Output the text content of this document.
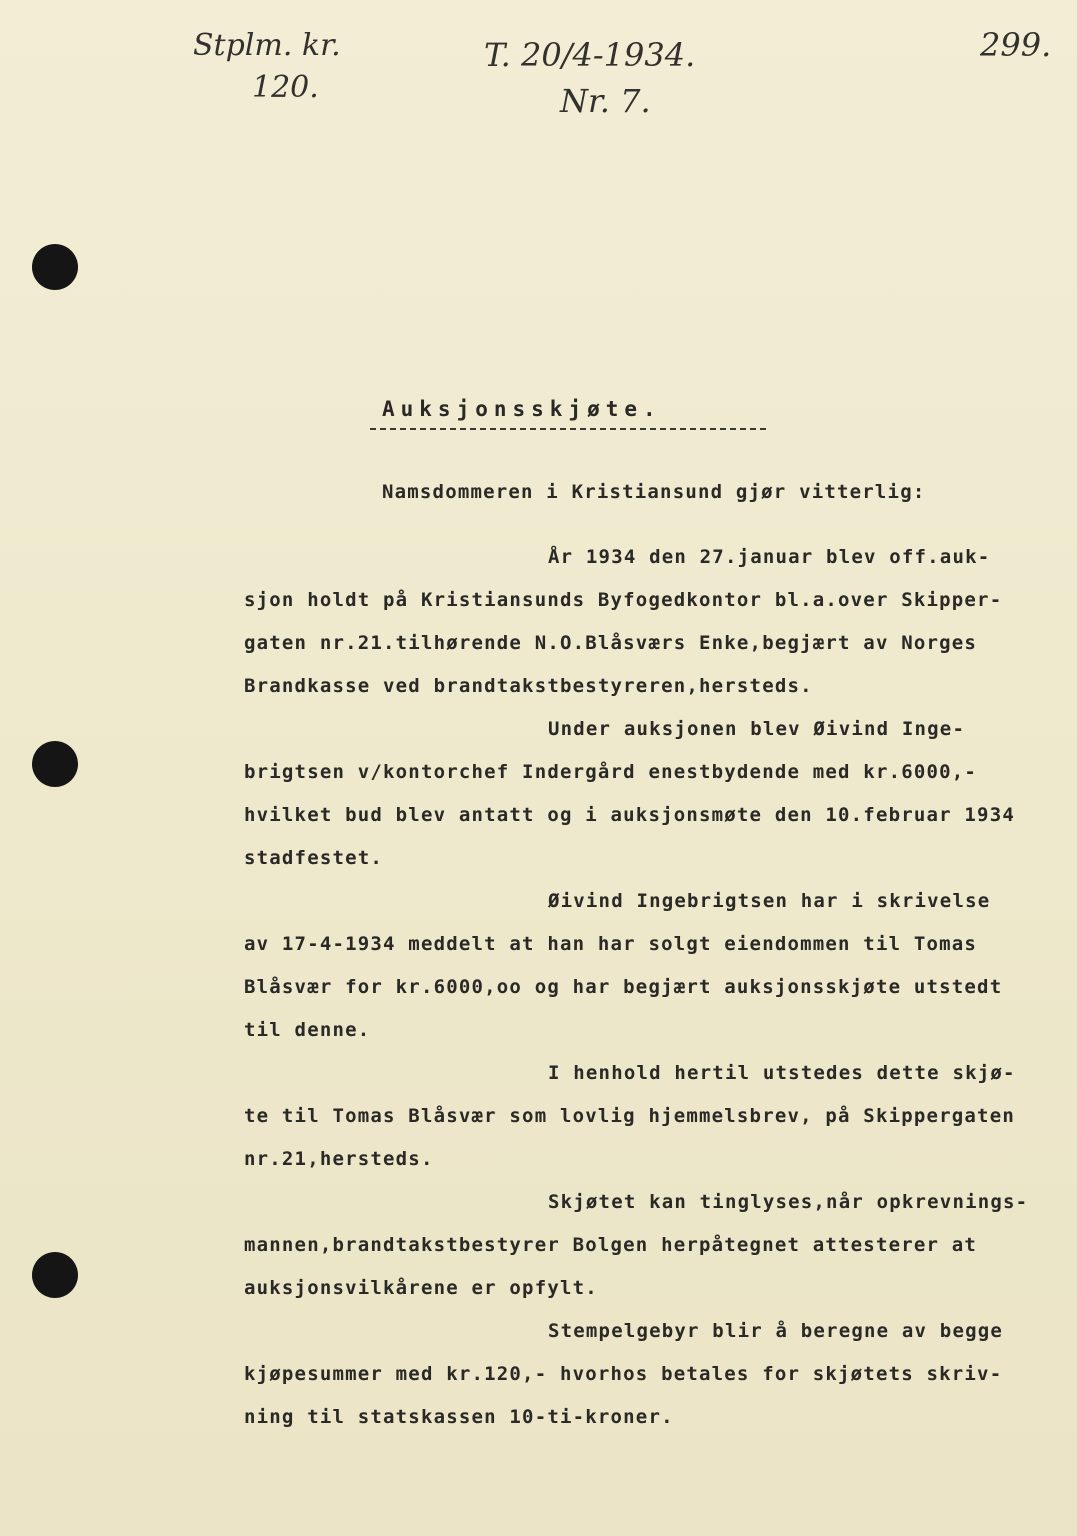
Stplm. kr.
120.
T. 20/4-1934.
Nr. 7.
299.
Auksjonsskjøte.
Namsdommeren i Kristiansund gjør vitterlig:
År 1934 den 27.januar blev off.auk-
sjon holdt på Kristiansunds Byfogedkontor bl.a.over Skipper-
gaten nr.21.tilhørende N.O.Blåsværs Enke,begjært av Norges
Brandkasse ved brandtakstbestyreren,hersteds.
Under auksjonen blev Øivind Inge-
brigtsen v/kontorchef Indergård enestbydende med kr.6000,-
hvilket bud blev antatt og i auksjonsmøte den 10.februar 1934
stadfestet.
Øivind Ingebrigtsen har i skrivelse
av 17-4-1934 meddelt at han har solgt eiendommen til Tomas
Blåsvær for kr.6000,oo og har begjært auksjonsskjøte utstedt
til denne.
I henhold hertil utstedes dette skjø-
te til Tomas Blåsvær som lovlig hjemmelsbrev, på Skippergaten
nr.21,hersteds.
Skjøtet kan tinglyses,når opkrevnings-
mannen,brandtakstbestyrer Bolgen herpåtegnet attesterer at
auksjonsvilkårene er opfylt.
Stempelgebyr blir å beregne av begge
kjøpesummer med kr.120,- hvorhos betales for skjøtets skriv-
ning til statskassen 10-ti-kroner.
